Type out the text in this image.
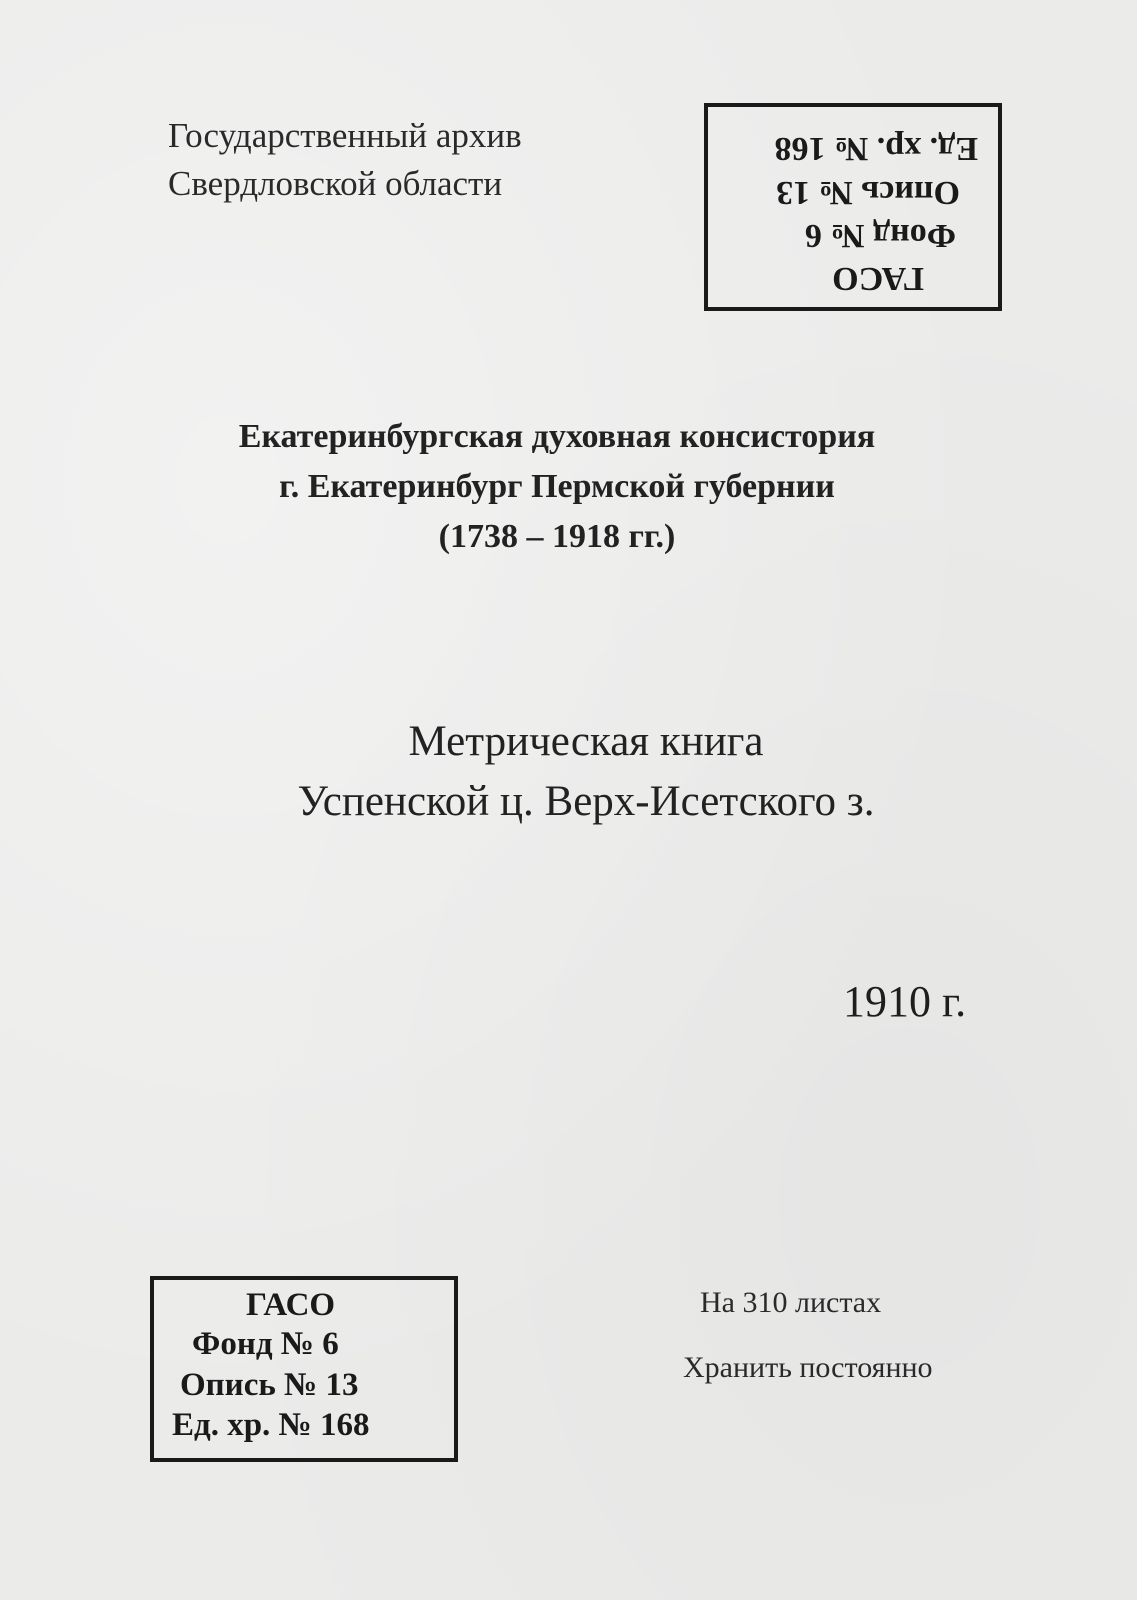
Государственный архив
Свердловской области
ГАСО
Фонд № 6
Опись № 13
Ед. хр. № 168
Екатеринбургская духовная консистория
г. Екатеринбург Пермской губернии
(1738 – 1918 гг.)
Метрическая книга
Успенской ц. Верх-Исетского з.
1910 г.
ГАСО
Фонд № 6
Опись № 13
Ед. хр. № 168
На 310 листах
Хранить постоянно
